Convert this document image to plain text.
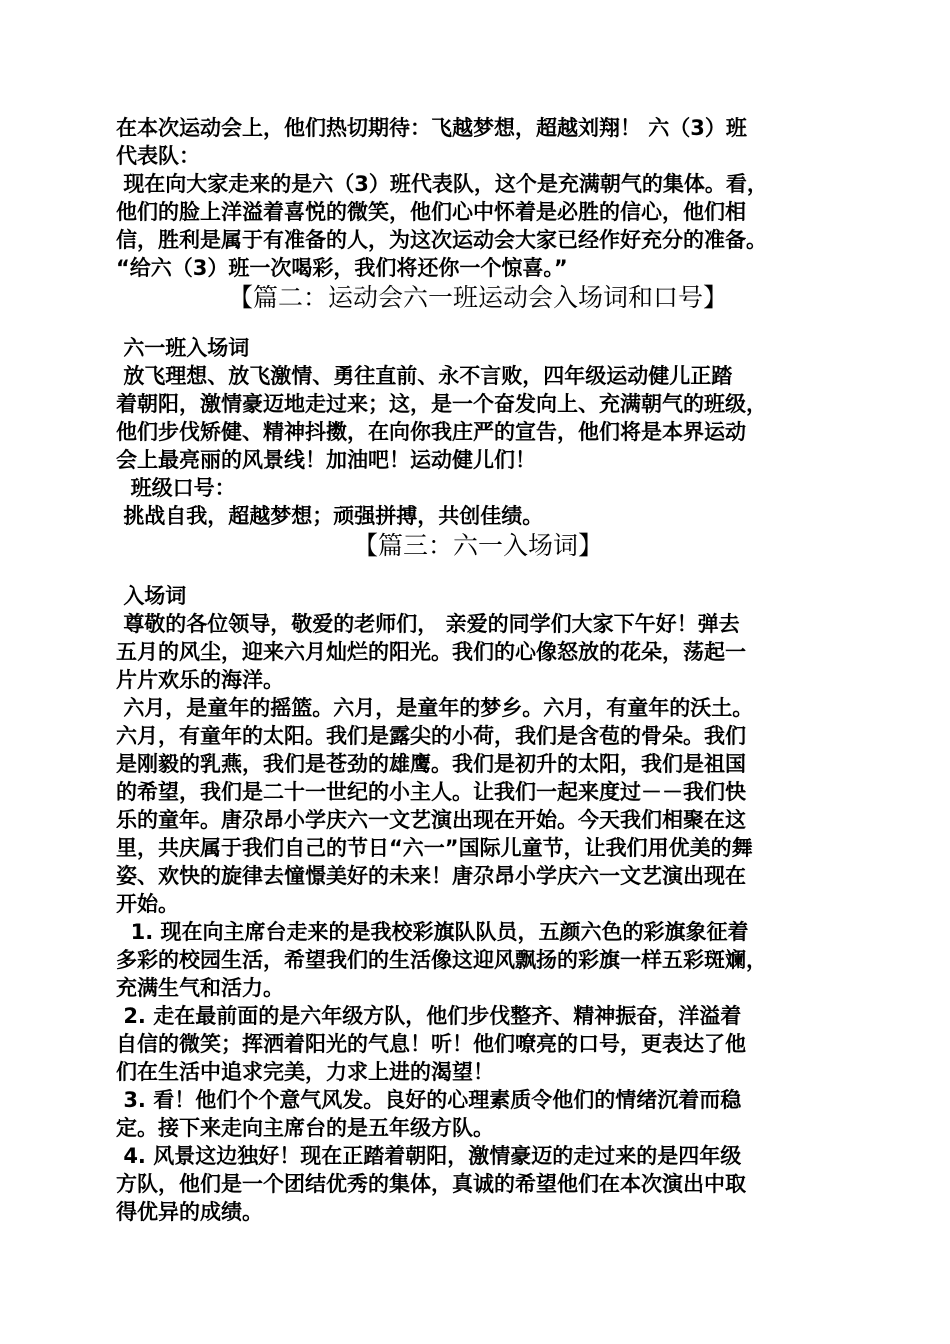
在本次运动会上，他们热切期待：飞越梦想，超越刘翔！ 六（3）班

代表队：

现在向大家走来的是六（3）班代表队，这个是充满朝气的集体。看，

他们的脸上洋溢着喜悦的微笑，他们心中怀着是必胜的信心，他们相

信，胜利是属于有准备的人，为这次运动会大家已经作好充分的准备。

“给六（3）班一次喝彩，我们将还你一个惊喜。”

【篇二：运动会六一班运动会入场词和口号】

六一班入场词

放飞理想、放飞激情、勇往直前、永不言败，四年级运动健儿正踏

着朝阳，激情豪迈地走过来；这，是一个奋发向上、充满朝气的班级，

他们步伐矫健、精神抖擞，在向你我庄严的宣告，他们将是本界运动

会上最亮丽的风景线！加油吧！运动健儿们！

班级口号：

挑战自我，超越梦想；顽强拼搏，共创佳绩。

【篇三：六一入场词】

入场词

尊敬的各位领导，敬爱的老师们， 亲爱的同学们大家下午好！弹去

五月的风尘，迎来六月灿烂的阳光。我们的心像怒放的花朵，荡起一

片片欢乐的海洋。

六月，是童年的摇篮。六月，是童年的梦乡。六月，有童年的沃土。

六月，有童年的太阳。我们是露尖的小荷，我们是含苞的骨朵。我们

是刚毅的乳燕，我们是苍劲的雄鹰。我们是初升的太阳，我们是祖国

的希望，我们是二十一世纪的小主人。让我们一起来度过－－我们快

乐的童年。唐尕昂小学庆六一文艺演出现在开始。今天我们相聚在这

里，共庆属于我们自己的节日“六一”国际儿童节，让我们用优美的舞

姿、欢快的旋律去憧憬美好的未来！唐尕昂小学庆六一文艺演出现在

开始。

1. 现在向主席台走来的是我校彩旗队队员，五颜六色的彩旗象征着

多彩的校园生活，希望我们的生活像这迎风飘扬的彩旗一样五彩斑斓，

充满生气和活力。

2. 走在最前面的是六年级方队，他们步伐整齐、精神振奋，洋溢着

自信的微笑；挥洒着阳光的气息！听！他们嘹亮的口号，更表达了他

们在生活中追求完美，力求上进的渴望！

3. 看！他们个个意气风发。良好的心理素质令他们的情绪沉着而稳

定。接下来走向主席台的是五年级方队。

4. 风景这边独好！现在正踏着朝阳，激情豪迈的走过来的是四年级

方队，他们是一个团结优秀的集体，真诚的希望他们在本次演出中取

得优异的成绩。
